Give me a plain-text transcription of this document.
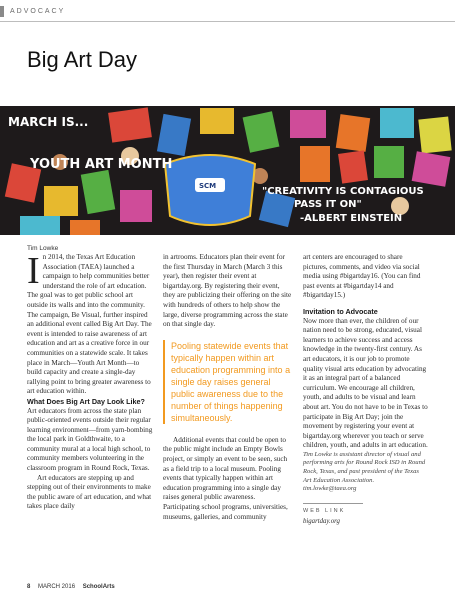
ADVOCACY
Big Art Day
MARCH IS...
YOUTH ART MONTH
SCM	"CREATIVITY IS CONTAGIOUS
PASS IT ON"
-ALBERT EINSTEIN
Tim Lowke

In 2014, the Texas Art Education Association (TAEA) launched a campaign to help communities better understand the role of art education. The goal was to get public school art outside its walls and into the community. The campaign, Be Visual, further inspired an additional event called Big Art Day. The event is intended to raise awareness of art education and art as a creative force in our communities on a statewide scale. It takes place in March—Youth Art Month—to build capacity and create a single-day rallying point to bring greater awareness to art education within.

What Does Big Art Day Look Like?

Art educators from across the state plan public-oriented events outside their regular learning environment—from yarn-bombing the local park in Goldthwaite, to a community mural at a local high school, to community members volunteering in the classroom program in Round Rock, Texas.

Art educators are stepping up and stepping out of their environments to make the public aware of art education, and what takes place daily

in artrooms. Educators plan their event for the first Thursday in March (March 3 this year), then register their event at bigartday.org. By registering their event, they are publicizing their offering on the site with hundreds of others to help show the large, diverse programming across the state on that single day.

Pooling statewide events that typically happen within art education programming into a single day raises general public awareness due to the number of things happening simultaneously.

Additional events that could be open to the public might include an Empty Bowls project, or simply an event to be seen, such as a field trip to a local museum. Pooling events that typically happen within art education programming into a single day raises general public awareness. Participating school programs, universities, museums, galleries, and community

art centers are encouraged to share pictures, comments, and video via social media using #bigartday16. (You can find past events at #bigartday14 and #bigartday15.)

Invitation to Advocate

Now more than ever, the children of our nation need to be strong, educated, visual learners to achieve success and access knowledge in the twenty-first century. As art educators, it is our job to promote quality visual arts education by advocating it as an integral part of a balanced curriculum. We encourage all children, youth, and adults to be visual and learn about art. You do not have to be in Texas to participate in Big Art Day; join the movement by registering your event at bigartday.org wherever you teach or serve children, youth, and adults in art education.

Tim Lowke is assistant director of visual and performing arts for Round Rock ISD in Round Rock, Texas, and past president of the Texas Art Education Association. tim.lowke@taea.org

WEB LINK
bigartday.org
8 MARCH 2016 SchoolArts
